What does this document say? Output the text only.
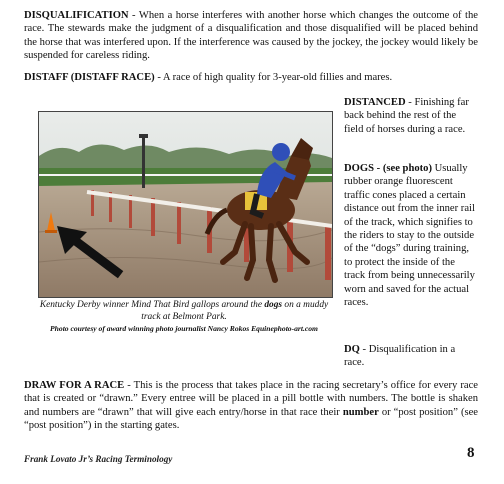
DISQUALIFICATION - When a horse interferes with another horse which changes the outcome of the race. The stewards make the judgment of a disqualification and those disqualified will be placed behind the horse that was interfered upon. If the interference was caused by the jockey, the jockey would likely be suspended for careless riding.

DISTAFF (DISTAFF RACE) - A race of high quality for 3-year-old fillies and mares.

Kentucky Derby winner Mind That Bird gallops around the dogs on a muddy track at Belmont Park.
Photo courtesy of award winning photo journalist Nancy Rokos Equinephoto-art.com
DISTANCED - Finishing far back behind the rest of the field of horses during a race.
DOGS - (see photo) Usually rubber orange fluorescent traffic cones placed a certain distance out from the inner rail of the track, which signifies to the riders to stay to the outside of the “dogs” during training, to protect the inside of the track from being unnecessarily worn and saved for the actual races.
DQ - Disqualification in a race.

DRAW FOR A RACE - This is the process that takes place in the racing secretary’s office for every race that is created or “drawn.” Every entree will be placed in a pill bottle with numbers. The bottle is shaken and numbers are “drawn” that will give each entry/horse in that race their number or “post position” (see “post position”) in the starting gates.

Frank Lovato Jr’s Racing Terminology	8
